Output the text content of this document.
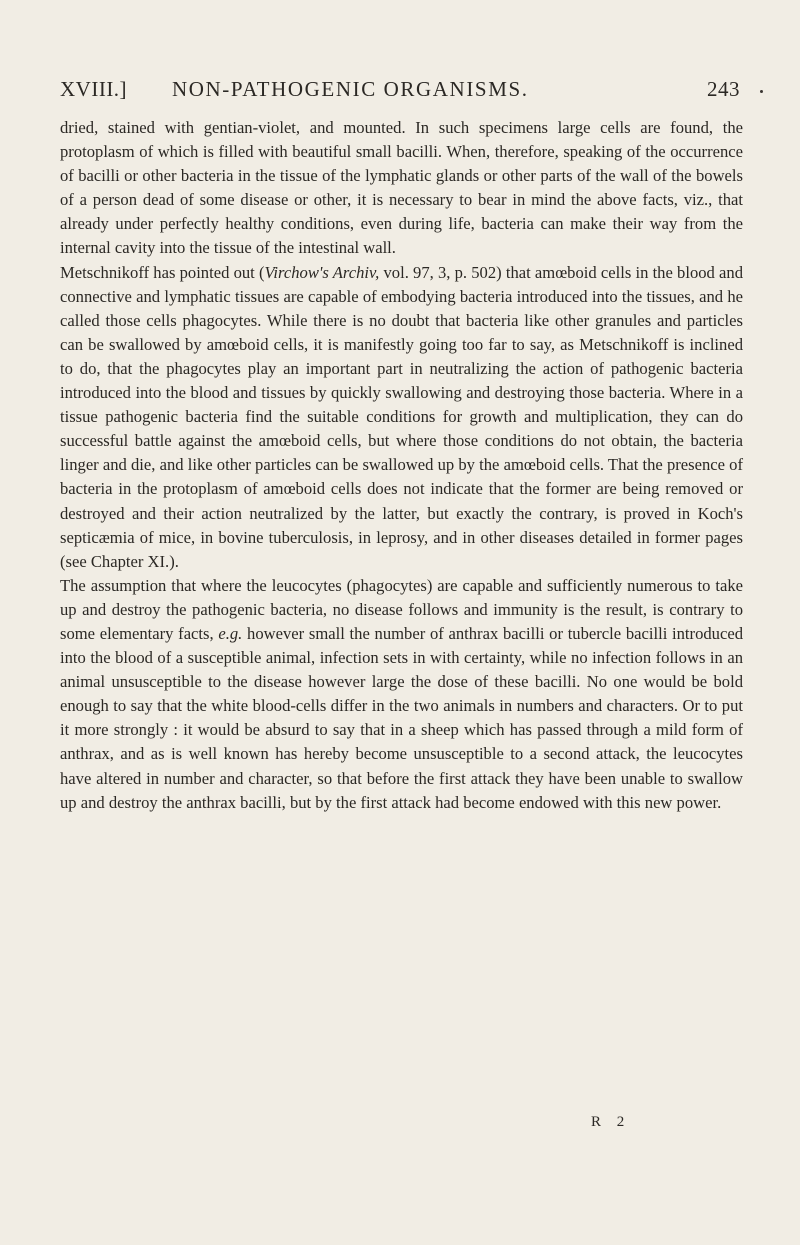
XVIII.] NON-PATHOGENIC ORGANISMS.	243

dried, stained with gentian-violet, and mounted. In such specimens large cells are found, the protoplasm of which is filled with beautiful small bacilli. When, therefore, speaking of the occurrence of bacilli or other bacteria in the tissue of the lymphatic glands or other parts of the wall of the bowels of a person dead of some disease or other, it is necessary to bear in mind the above facts, viz., that already under perfectly healthy conditions, even during life, bacteria can make their way from the internal cavity into the tissue of the intestinal wall.

Metschnikoff has pointed out (Virchow's Archiv, vol. 97, 3, p. 502) that amœboid cells in the blood and connective and lymphatic tissues are capable of embodying bacteria introduced into the tissues, and he called those cells phagocytes. While there is no doubt that bacteria like other granules and particles can be swallowed by amœboid cells, it is manifestly going too far to say, as Metschnikoff is inclined to do, that the phagocytes play an important part in neutralizing the action of pathogenic bacteria introduced into the blood and tissues by quickly swallowing and destroying those bacteria. Where in a tissue pathogenic bacteria find the suitable conditions for growth and multiplication, they can do successful battle against the amœboid cells, but where those conditions do not obtain, the bacteria linger and die, and like other particles can be swallowed up by the amœboid cells. That the presence of bacteria in the protoplasm of amœboid cells does not indicate that the former are being removed or destroyed and their action neutralized by the latter, but exactly the contrary, is proved in Koch's septicæmia of mice, in bovine tuberculosis, in leprosy, and in other diseases detailed in former pages (see Chapter XI.).

The assumption that where the leucocytes (phagocytes) are capable and sufficiently numerous to take up and destroy the pathogenic bacteria, no disease follows and immunity is the result, is contrary to some elementary facts, e.g. however small the number of anthrax bacilli or tubercle bacilli introduced into the blood of a susceptible animal, infection sets in with certainty, while no infection follows in an animal unsusceptible to the disease however large the dose of these bacilli. No one would be bold enough to say that the white blood-cells differ in the two animals in numbers and characters. Or to put it more strongly : it would be absurd to say that in a sheep which has passed through a mild form of anthrax, and as is well known has hereby become unsusceptible to a second attack, the leucocytes have altered in number and character, so that before the first attack they have been unable to swallow up and destroy the anthrax bacilli, but by the first attack had become endowed with this new power.

R 2
